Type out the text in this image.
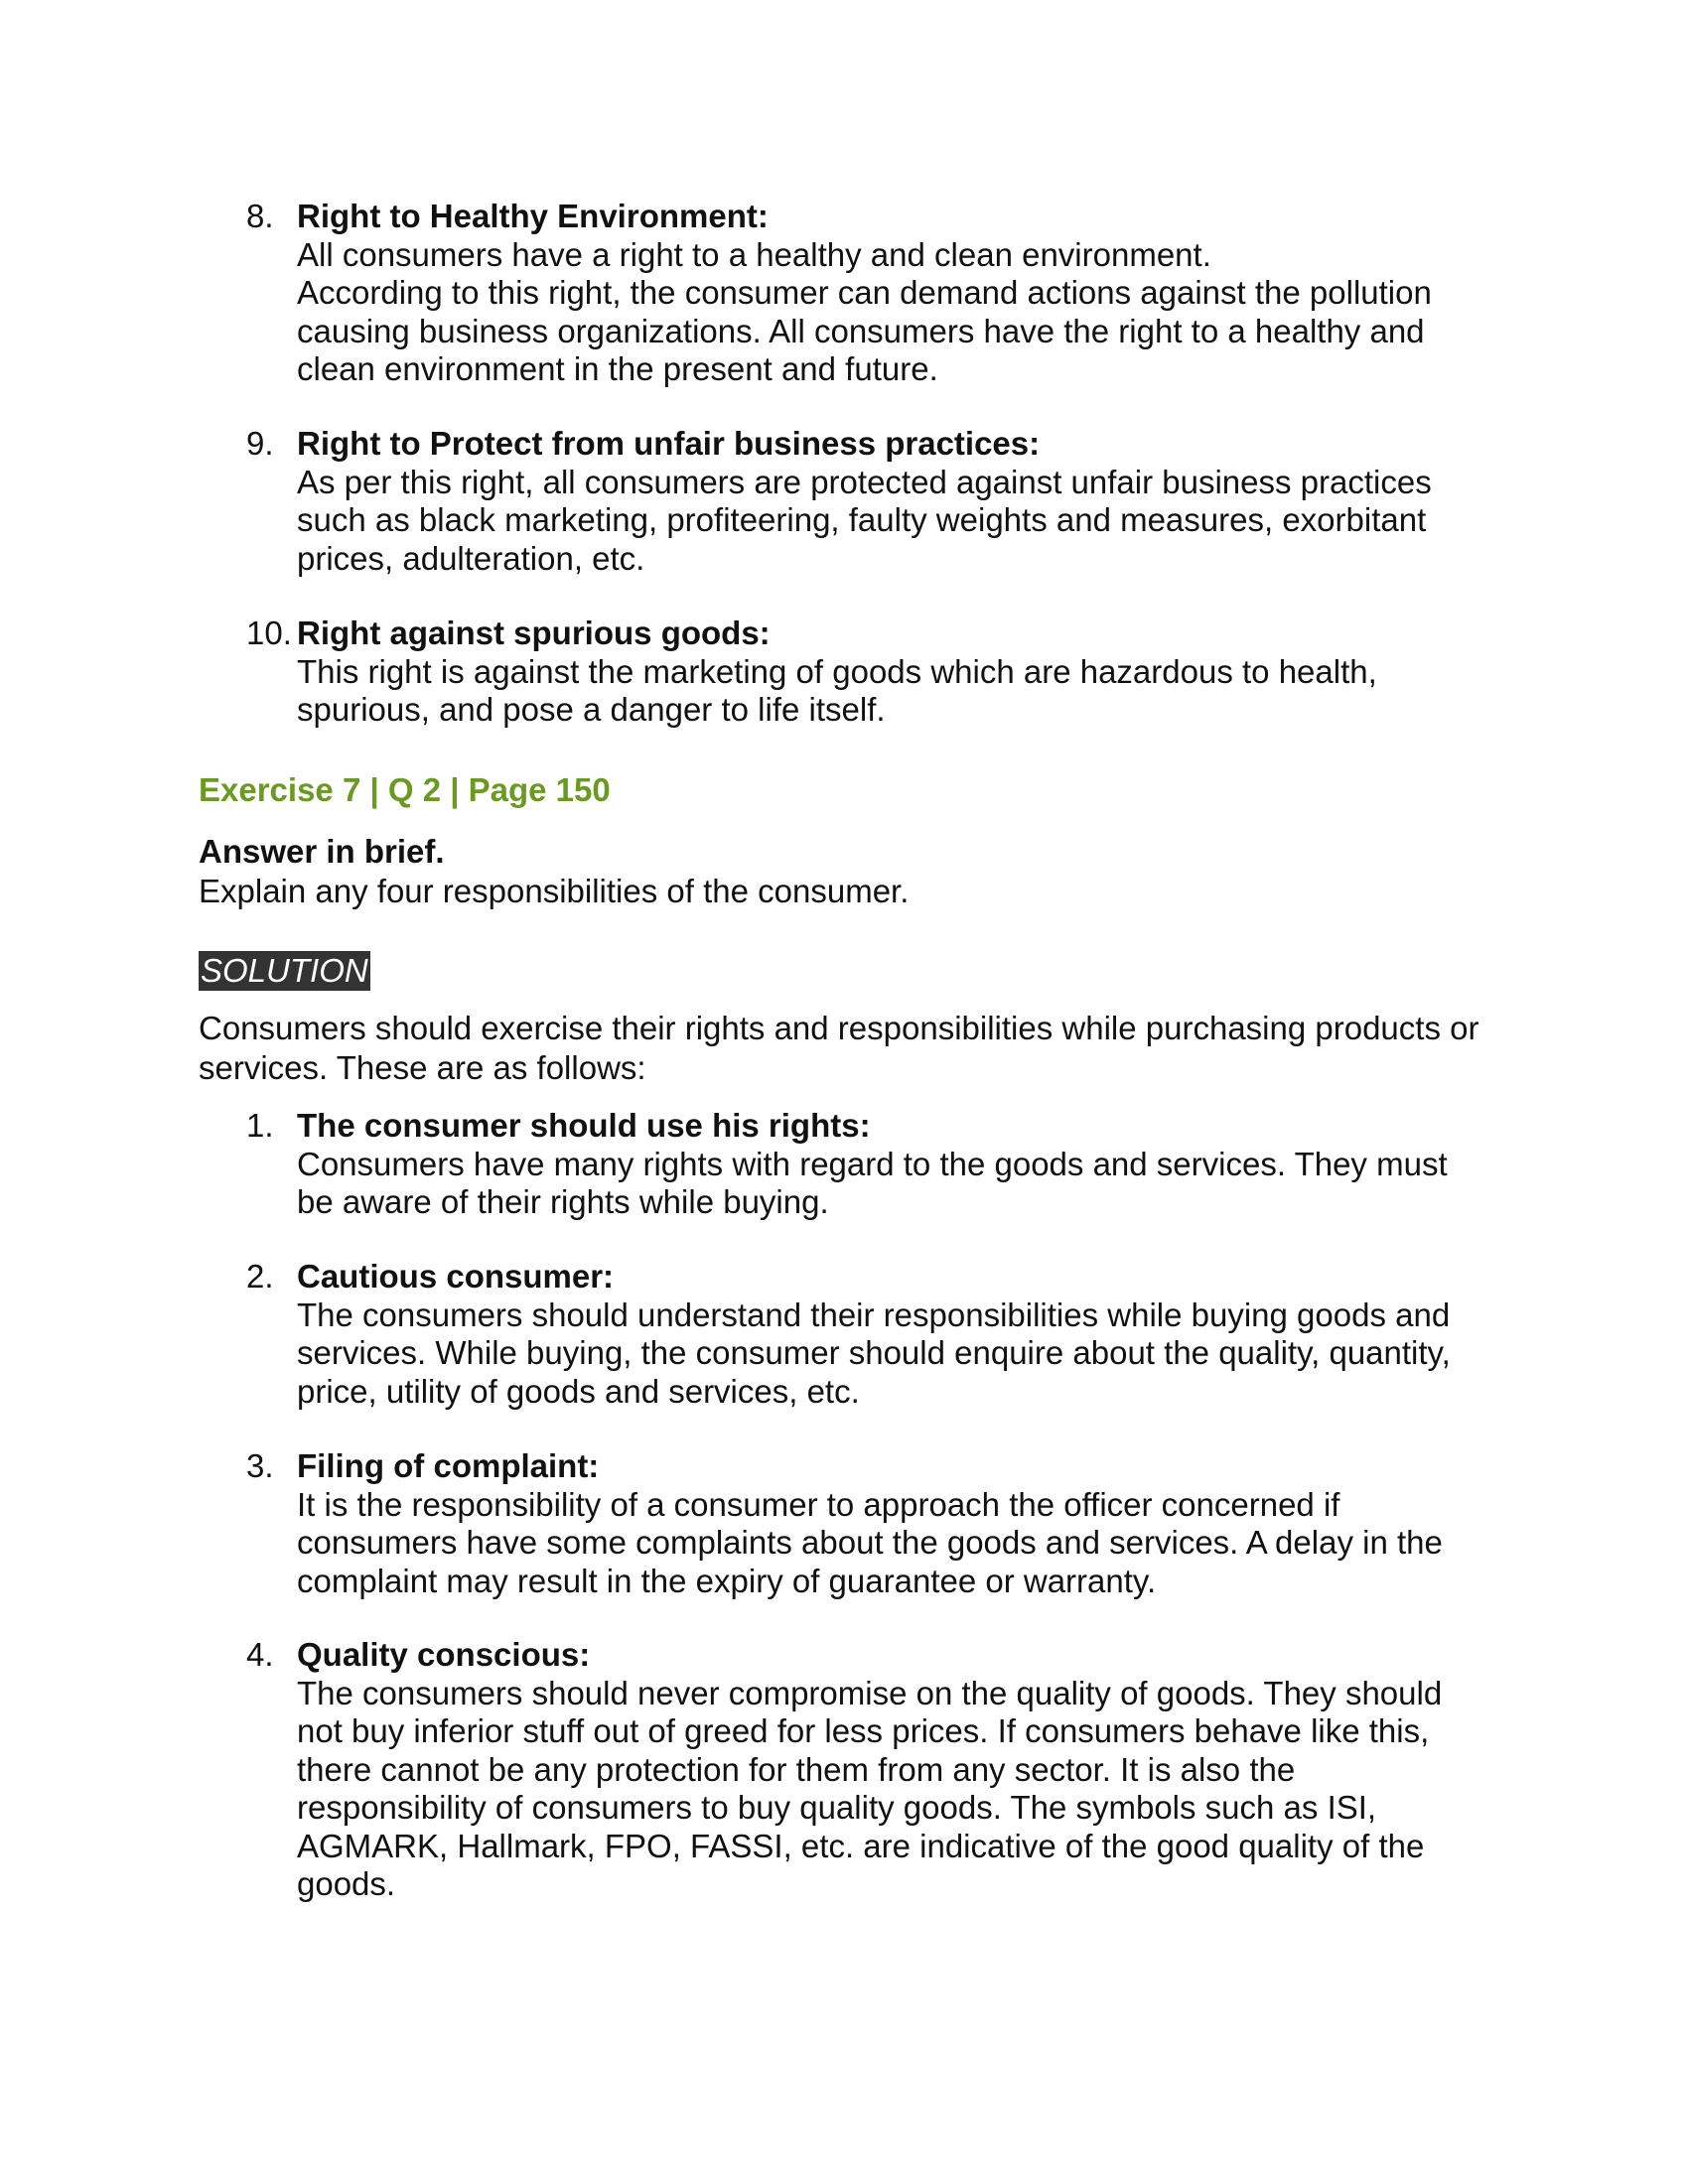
8. Right to Healthy Environment:

All consumers have a right to a healthy and clean environment.

According to this right, the consumer can demand actions against the pollution causing business organizations. All consumers have the right to a healthy and clean environment in the present and future.

9. Right to Protect from unfair business practices:

As per this right, all consumers are protected against unfair business practices such as black marketing, profiteering, faulty weights and measures, exorbitant prices, adulteration, etc.

10. Right against spurious goods:

This right is against the marketing of goods which are hazardous to health, spurious, and pose a danger to life itself.

Exercise 7 | Q 2 | Page 150

Answer in brief.

Explain any four responsibilities of the consumer.

SOLUTION

Consumers should exercise their rights and responsibilities while purchasing products or services. These are as follows:

1. The consumer should use his rights:

Consumers have many rights with regard to the goods and services. They must be aware of their rights while buying.

2. Cautious consumer:

The consumers should understand their responsibilities while buying goods and services. While buying, the consumer should enquire about the quality, quantity, price, utility of goods and services, etc.

3. Filing of complaint:

It is the responsibility of a consumer to approach the officer concerned if consumers have some complaints about the goods and services. A delay in the complaint may result in the expiry of guarantee or warranty.

4. Quality conscious:

The consumers should never compromise on the quality of goods. They should not buy inferior stuff out of greed for less prices. If consumers behave like this, there cannot be any protection for them from any sector. It is also the responsibility of consumers to buy quality goods. The symbols such as ISI, AGMARK, Hallmark, FPO, FASSI, etc. are indicative of the good quality of the goods.
